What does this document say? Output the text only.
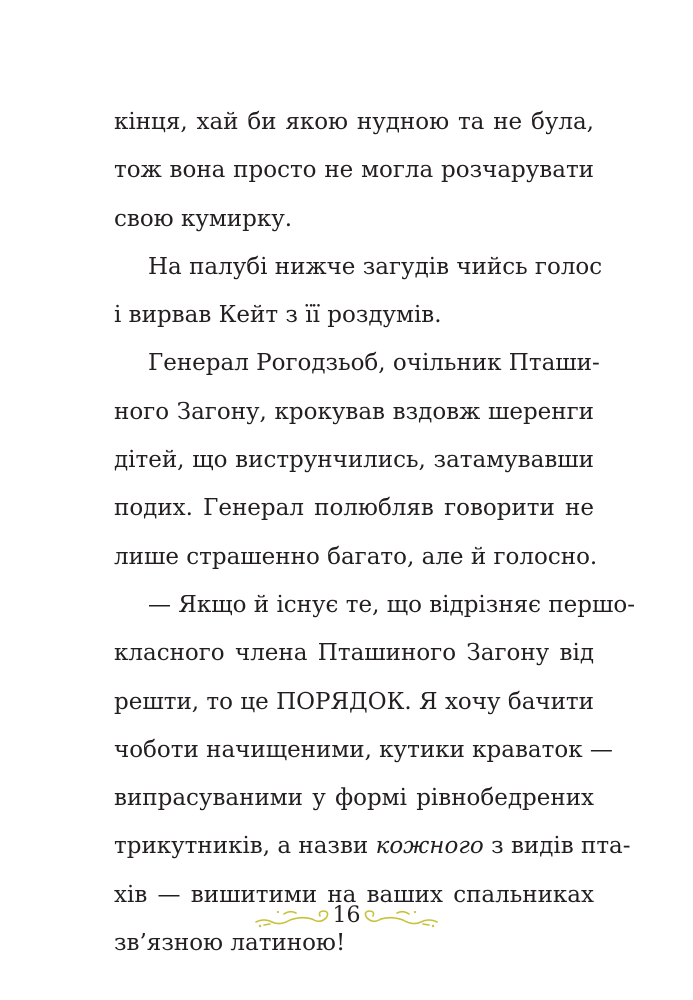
кінця, хай би якою нудною та не була,
тож вона просто не могла розчарувати
свою кумирку.
На палубі нижче загудів чийсь голос
і вирвав Кейт з її роздумів.
Генерал Рогодзьоб, очільник Пташи-
ного Загону, крокував вздовж шеренги
дітей, що виструнчились, затамувавши
подих. Генерал полюбляв говорити не
лише страшенно багато, але й голосно.
— Якщо й існує те, що відрізняє першо-
класного члена Пташиного Загону від
решти, то це ПОРЯДОК. Я хочу бачити
чоботи начищеними, кутики краваток —
випрасуваними у формі рівнобедрених
трикутників, а назви кожного з видів пта-
хів — вишитими на ваших спальниках
зв’язною латиною!
16
